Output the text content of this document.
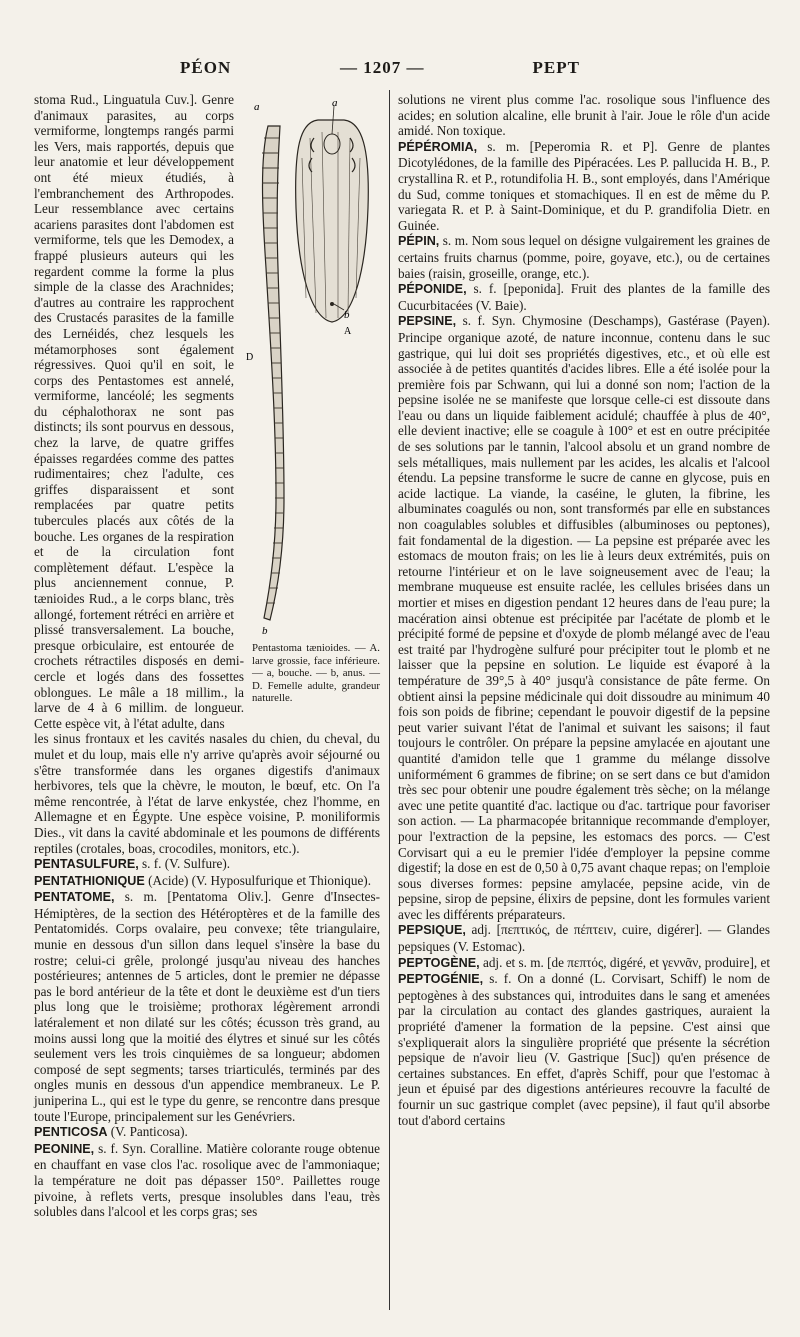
PÉON	— 1207 —	PEPT
a	a
b
A
D
b
Pentastoma tænioides. — A. larve grossie, face inférieure. — a, bouche. — b, anus. — D. Femelle adulte, grandeur naturelle.

stoma Rud., Linguatula Cuv.]. Genre d'animaux parasites, au corps vermiforme, longtemps rangés parmi les Vers, mais rapportés, depuis que leur anatomie et leur développement ont été mieux étudiés, à l'embranchement des Arthropodes. Leur ressemblance avec certains acariens parasites dont l'abdomen est vermiforme, tels que les Demodex, a frappé plusieurs auteurs qui les regardent comme la forme la plus simple de la classe des Arachnides; d'autres au contraire les rapprochent des Crustacés parasites de la famille des Lernéidés, chez lesquels les métamorphoses sont également régressives. Quoi qu'il en soit, le corps des Pentastomes est annelé, vermiforme, lancéolé; les segments du céphalothorax ne sont pas distincts; ils sont pourvus en dessous, chez la larve, de quatre griffes épaisses regardées comme des pattes rudimentaires; chez l'adulte, ces griffes disparaissent et sont remplacées par quatre petits tubercules placés aux côtés de la bouche. Les organes de la respiration et de la circulation font complètement défaut. L'espèce la plus anciennement connue, P. tænioides Rud., a le corps blanc, très allongé, fortement rétréci en arrière et plissé transversalement. La bouche, presque orbiculaire, est entourée de crochets rétractiles disposés en demi-cercle et logés dans des fossettes oblongues. Le mâle a 18 millim., la larve de 4 à 6 millim. de longueur. Cette espèce vit, à l'état adulte, dans

les sinus frontaux et les cavités nasales du chien, du cheval, du mulet et du loup, mais elle n'y arrive qu'après avoir séjourné ou s'être transformée dans les organes digestifs d'animaux herbivores, tels que la chèvre, le mouton, le bœuf, etc. On l'a même rencontrée, à l'état de larve enkystée, chez l'homme, en Allemagne et en Égypte. Une espèce voisine, P. moniliformis Dies., vit dans la cavité abdominale et les poumons de différents reptiles (crotales, boas, crocodiles, monitors, etc.).

PENTASULFURE, s. f. (V. Sulfure).

PENTATHIONIQUE (Acide) (V. Hyposulfurique et Thionique).

PENTATOME, s. m. [Pentatoma Oliv.]. Genre d'Insectes-Hémiptères, de la section des Hétéroptères et de la famille des Pentatomidés. Corps ovalaire, peu convexe; tête triangulaire, munie en dessous d'un sillon dans lequel s'insère la base du rostre; celui-ci grêle, prolongé jusqu'au niveau des hanches postérieures; antennes de 5 articles, dont le premier ne dépasse pas le bord antérieur de la tête et dont le deuxième est d'un tiers plus long que le troisième; prothorax légèrement arrondi latéralement et non dilaté sur les côtés; écusson très grand, au moins aussi long que la moitié des élytres et sinué sur les côtés seulement vers les trois cinquièmes de sa longueur; abdomen composé de sept segments; tarses triarticulés, terminés par des ongles munis en dessous d'un appendice membraneux. Le P. juniperina L., qui est le type du genre, se rencontre dans presque toute l'Europe, principalement sur les Genévriers.

PENTICOSA (V. Panticosa).

PEONINE, s. f. Syn. Coralline. Matière colorante rouge obtenue en chauffant en vase clos l'ac. rosolique avec de l'ammoniaque; la température ne doit pas dépasser 150°. Paillettes rouge pivoine, à reflets verts, presque insolubles dans l'eau, très solubles dans l'alcool et les corps gras; ses

solutions ne virent plus comme l'ac. rosolique sous l'influence des acides; en solution alcaline, elle brunit à l'air. Joue le rôle d'un acide amidé. Non toxique.

PÉPÉROMIA, s. m. [Peperomia R. et P]. Genre de plantes Dicotylédones, de la famille des Pipéracées. Les P. pallucida H. B., P. crystallina R. et P., rotundifolia H. B., sont employés, dans l'Amérique du Sud, comme toniques et stomachiques. Il en est de même du P. variegata R. et P. à Saint-Dominique, et du P. grandifolia Dietr. en Guinée.

PÉPIN, s. m. Nom sous lequel on désigne vulgairement les graines de certains fruits charnus (pomme, poire, goyave, etc.), ou de certaines baies (raisin, groseille, orange, etc.).

PÉPONIDE, s. f. [peponida]. Fruit des plantes de la famille des Cucurbitacées (V. Baie).

PEPSINE, s. f. Syn. Chymosine (Deschamps), Gastérase (Payen). Principe organique azoté, de nature inconnue, contenu dans le suc gastrique, qui lui doit ses propriétés digestives, etc., et où elle est associée à de petites quantités d'acides libres. Elle a été isolée pour la première fois par Schwann, qui lui a donné son nom; l'action de la pepsine isolée ne se manifeste que lorsque celle-ci est dissoute dans l'eau ou dans un liquide faiblement acidulé; chauffée à plus de 40°, elle devient inactive; elle se coagule à 100° et est en outre précipitée de ses solutions par le tannin, l'alcool absolu et un grand nombre de sels métalliques, mais nullement par les acides, les alcalis et l'alcool étendu. La pepsine transforme le sucre de canne en glycose, puis en acide lactique. La viande, la caséine, le gluten, la fibrine, les albuminates coagulés ou non, sont transformés par elle en substances non coagulables solubles et diffusibles (albuminoses ou peptones), fait fondamental de la digestion. — La pepsine est préparée avec les estomacs de mouton frais; on les lie à leurs deux extrémités, puis on retourne l'intérieur et on le lave soigneusement avec de l'eau; la membrane muqueuse est ensuite raclée, les cellules brisées dans un mortier et mises en digestion pendant 12 heures dans de l'eau pure; la macération ainsi obtenue est précipitée par l'acétate de plomb et le précipité formé de pepsine et d'oxyde de plomb mélangé avec de l'eau est traité par l'hydrogène sulfuré pour précipiter tout le plomb et ne laisser que la pepsine en solution. Le liquide est évaporé à la température de 39°,5 à 40° jusqu'à consistance de pâte ferme. On obtient ainsi la pepsine médicinale qui doit dissoudre au minimum 40 fois son poids de fibrine; cependant le pouvoir digestif de la pepsine peut varier suivant l'état de l'animal et suivant les saisons; il faut toujours le contrôler. On prépare la pepsine amylacée en ajoutant une quantité d'amidon telle que 1 gramme du mélange dissolve uniformément 6 grammes de fibrine; on se sert dans ce but d'amidon très sec pour obtenir une poudre également très sèche; on la mélange avec une petite quantité d'ac. lactique ou d'ac. tartrique pour favoriser son action. — La pharmacopée britannique recommande d'employer, pour l'extraction de la pepsine, les estomacs des porcs. — C'est Corvisart qui a eu le premier l'idée d'employer la pepsine comme digestif; la dose en est de 0,50 à 0,75 avant chaque repas; on l'emploie sous diverses formes: pepsine amylacée, pepsine acide, vin de pepsine, sirop de pepsine, élixirs de pepsine, dont les formules varient avec les différents préparateurs.

PEPSIQUE, adj. [πεπτικός, de πέπτειν, cuire, digérer]. — Glandes pepsiques (V. Estomac).

PEPTOGÈNE, adj. et s. m. [de πεπτός, digéré, et γεννᾶν, produire], et PEPTOGÉNIE, s. f. On a donné (L. Corvisart, Schiff) le nom de peptogènes à des substances qui, introduites dans le sang et amenées par la circulation au contact des glandes gastriques, auraient la propriété d'amener la formation de la pepsine. C'est ainsi que s'expliquerait alors la singulière propriété que présente la sécrétion pepsique de n'avoir lieu (V. Gastrique [Suc]) qu'en présence de certaines substances. En effet, d'après Schiff, pour que l'estomac à jeun et épuisé par des digestions antérieures recouvre la faculté de fournir un suc gastrique complet (avec pepsine), il faut qu'il absorbe tout d'abord certains
